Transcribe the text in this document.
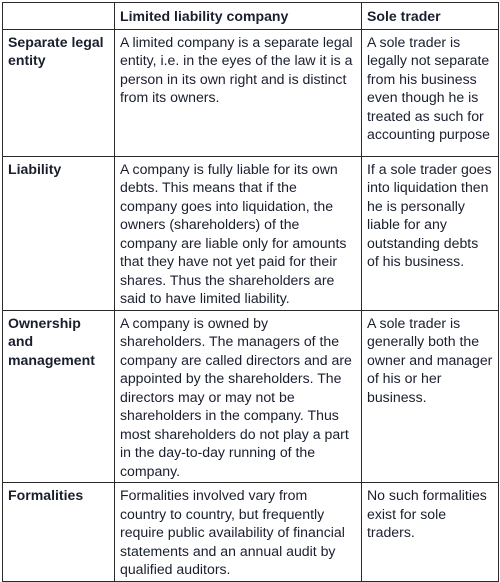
	Limited liability company	Sole trader
Separate legal entity	A limited company is a separate legal entity, i.e. in the eyes of the law it is a person in its own right and is distinct from its owners.	A sole trader is legally not separate from his business even though he is treated as such for accounting purpose
Liability	A company is fully liable for its own debts. This means that if the company goes into liquidation, the owners (shareholders) of the company are liable only for amounts that they have not yet paid for their shares. Thus the shareholders are said to have limited liability.	If a sole trader goes into liquidation then he is personally liable for any outstanding debts of his business.
Ownership and management	A company is owned by shareholders. The managers of the company are called directors and are appointed by the shareholders. The directors may or may not be shareholders in the company. Thus most shareholders do not play a part in the day-to-day running of the company.	A sole trader is generally both the owner and manager of his or her business.
Formalities	Formalities involved vary from country to country, but frequently require public availability of financial statements and an annual audit by qualified auditors.	No such formalities exist for sole traders.
